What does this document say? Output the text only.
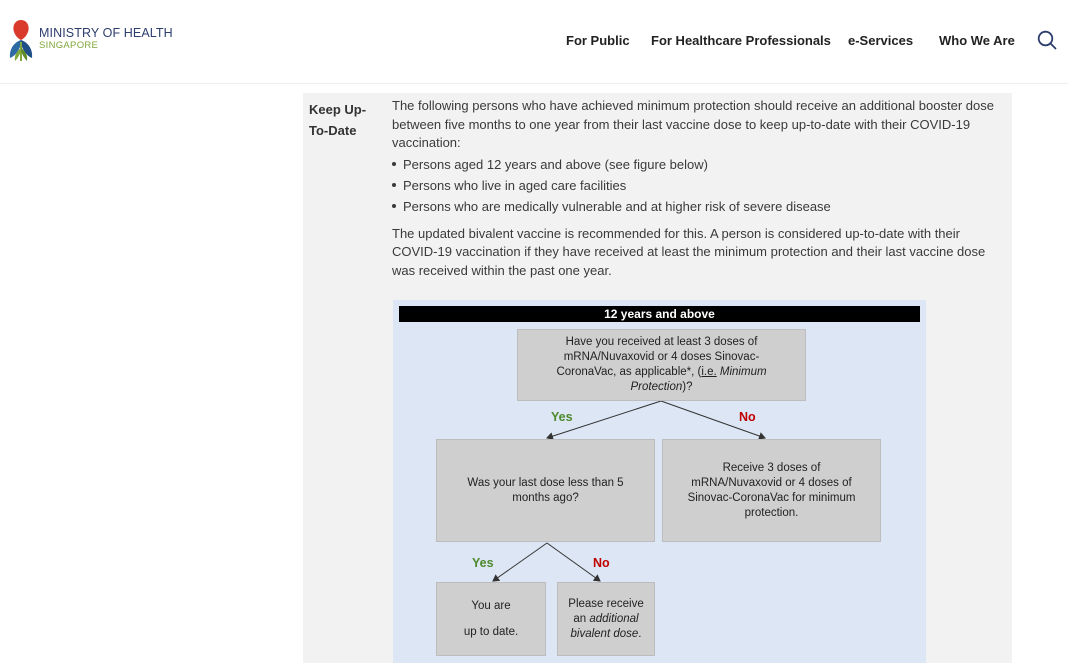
MINISTRY OF HEALTH
SINGAPORE	For Public For Healthcare Professionals e-Services Who We Are
Keep Up-To-Date

The following persons who have achieved minimum protection should receive an additional booster dose between five months to one year from their last vaccine dose to keep up-to-date with their COVID-19 vaccination:

Persons aged 12 years and above (see figure below)
Persons who live in aged care facilities
Persons who are medically vulnerable and at higher risk of severe disease

The updated bivalent vaccine is recommended for this. A person is considered up-to-date with their COVID-19 vaccination if they have received at least the minimum protection and their last vaccine dose was received within the past one year.

12 years and above
Have you received at least 3 doses of mRNA/Nuvaxovid or 4 doses Sinovac-CoronaVac, as applicable*, (i.e. Minimum Protection)?
Yes	No
Was your last dose less than 5 months ago?
Receive 3 doses of mRNA/Nuvaxovid or 4 doses of Sinovac-CoronaVac for minimum protection.
Yes	No
You are
up to date.
Please receive an additional bivalent dose.
